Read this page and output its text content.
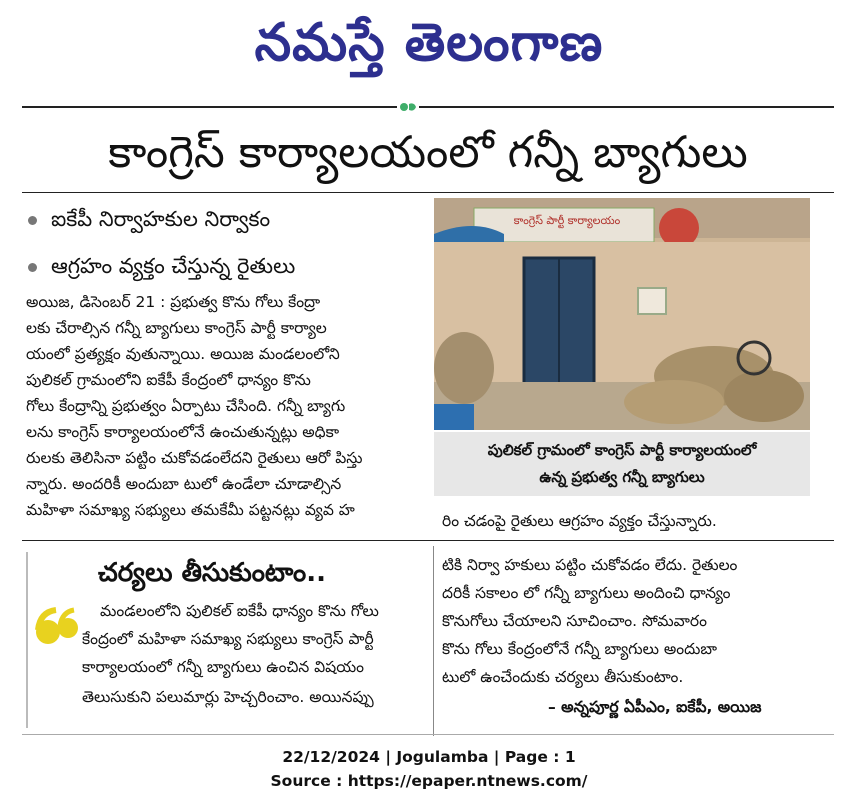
నమస్తే తెలంగాణ
కాంగ్రెస్ కార్యాలయంలో గన్నీ బ్యాగులు
ఐకేపీ నిర్వాహకుల నిర్వాకం
ఆగ్రహం వ్యక్తం చేస్తున్న రైతులు
అయిజ, డిసెంబర్ 21 : ప్రభుత్వ కొను గోలు కేంద్రా
లకు చేరాల్సిన గన్నీ బ్యాగులు కాంగ్రెస్ పార్టీ కార్యాల
యంలో ప్రత్యక్షం వుతున్నాయి. అయిజ మండలంలోని
పులికల్ గ్రామంలోని ఐకేపీ కేంద్రంలో ధాన్యం కొను
గోలు కేంద్రాన్ని ప్రభుత్వం ఏర్పాటు చేసింది. గన్నీ బ్యాగు
లను కాంగ్రెస్ కార్యాలయంలోనే ఉంచుతున్నట్లు అధికా
రులకు తెలిసినా పట్టిం చుకోవడంలేదని రైతులు ఆరో పిస్తు
న్నారు. అందరికీ అందుబా టులో ఉండేలా చూడాల్సిన
మహిళా సమాఖ్య సభ్యులు తమకేమీ పట్టనట్లు వ్యవ హ
కాంగ్రెస్ పార్టీ కార్యాలయం
పులికల్ గ్రామంలో కాంగ్రెస్ పార్టీ కార్యాలయంలో
ఉన్న ప్రభుత్వ గన్నీ బ్యాగులు
రిం చడంపై రైతులు ఆగ్రహం వ్యక్తం చేస్తున్నారు.
టికి నిర్వా హకులు పట్టిం చుకోవడం లేదు. రైతులం
దరికీ సకాలం లో గన్నీ బ్యాగులు అందించి ధాన్యం
కొనుగోలు చేయాలని సూచించాం. సోమవారం
కొను గోలు కేంద్రంలోనే గన్నీ బ్యాగులు అందుబా
టులో ఉంచేందుకు చర్యలు తీసుకుంటాం.
– అన్నపూర్ణ ఏపీఎం, ఐకేపీ, అయిజ
చర్యలు తీసుకుంటాం..
మండలంలోని పులికల్ ఐకేపీ ధాన్యం కొను గోలు
కేంద్రంలో మహిళా సమాఖ్య సభ్యులు కాంగ్రెస్ పార్టీ
కార్యాలయంలో గన్నీ బ్యాగులు ఉంచిన విషయం
తెలుసుకుని పలుమార్లు హెచ్చరించాం. అయినప్పు
22/12/2024 | Jogulamba | Page : 1
Source : https://epaper.ntnews.com/
